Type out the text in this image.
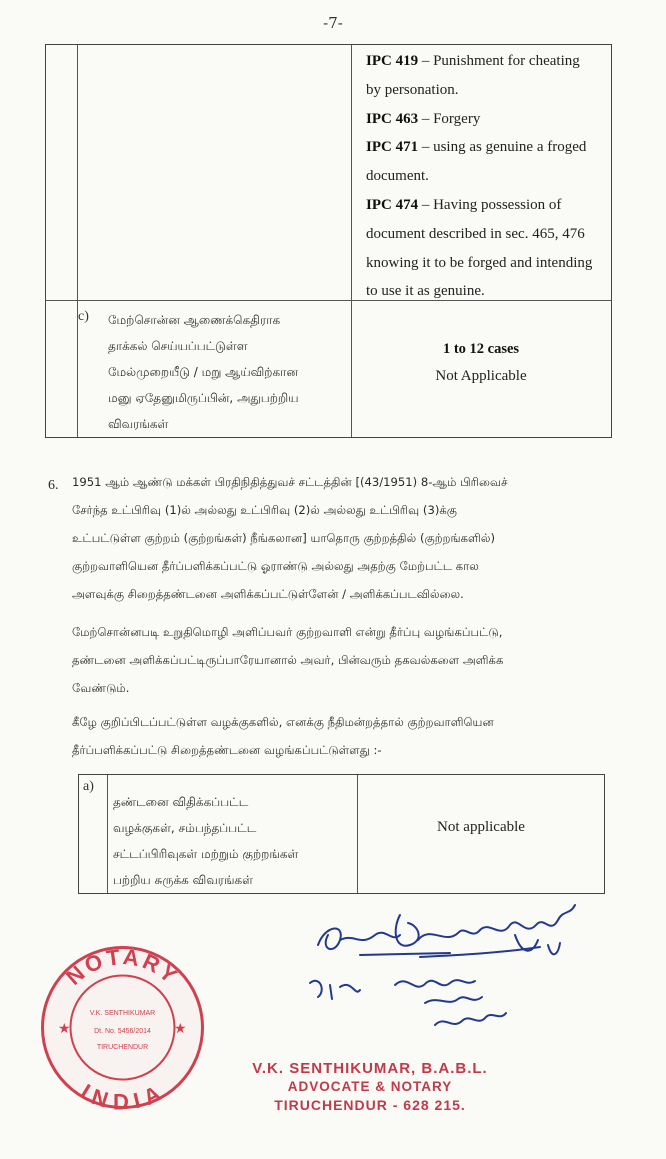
-7-
IPC 419 – Punishment for cheating
by personation.
IPC 463 – Forgery
IPC 471 – using as genuine a froged
document.
IPC 474 – Having possession of
document described in sec. 465, 476
knowing it to be forged and intending
to use it as genuine.
c) மேற்சொன்ன ஆணைக்கெதிராக
தாக்கல் செய்யப்பட்டுள்ள
மேல்முறையீடு / மறு ஆய்விற்கான
மனு ஏதேனுமிருப்பின், அதுபற்றிய
விவரங்கள்
1 to 12 cases
Not Applicable
6. 1951 ஆம் ஆண்டு மக்கள் பிரதிநிதித்துவச் சட்டத்தின் [(43/1951) 8-ஆம் பிரிவைச்

சேர்ந்த உட்பிரிவு (1)ல் அல்லது உட்பிரிவு (2)ல் அல்லது உட்பிரிவு (3)க்கு

உட்பட்டுள்ள குற்றம் (குற்றங்கள்) நீங்கலான] யாதொரு குற்றத்தில் (குற்றங்களில்)

குற்றவாளியென தீர்ப்பளிக்கப்பட்டு ஓராண்டு அல்லது அதற்கு மேற்பட்ட கால

அளவுக்கு சிறைத்தண்டனை அளிக்கப்பட்டுள்ளேன் / அளிக்கப்படவில்லை.

மேற்சொன்னபடி உறுதிமொழி அளிப்பவர் குற்றவாளி என்று தீர்ப்பு வழங்கப்பட்டு,

தண்டனை அளிக்கப்பட்டிருப்பாரேயானால் அவர், பின்வரும் தகவல்களை அளிக்க

வேண்டும்.

கீழே குறிப்பிடப்பட்டுள்ள வழக்குகளில், எனக்கு நீதிமன்றத்தால் குற்றவாளியென

தீர்ப்பளிக்கப்பட்டு சிறைத்தண்டனை வழங்கப்பட்டுள்ளது :-

a)
தண்டனை விதிக்கப்பட்ட
வழக்குகள், சம்பந்தப்பட்ட
சட்டப்பிரிவுகள் மற்றும் குற்றங்கள்
பற்றிய சுருக்க விவரங்கள்
Not applicable
NOTARY
INDIA
★	★
V.K. SENTHIKUMAR
Dt. No. 5456/2014
TIRUCHENDUR
V.K. SENTHIKUMAR, B.A.B.L.
ADVOCATE & NOTARY
TIRUCHENDUR - 628 215.
